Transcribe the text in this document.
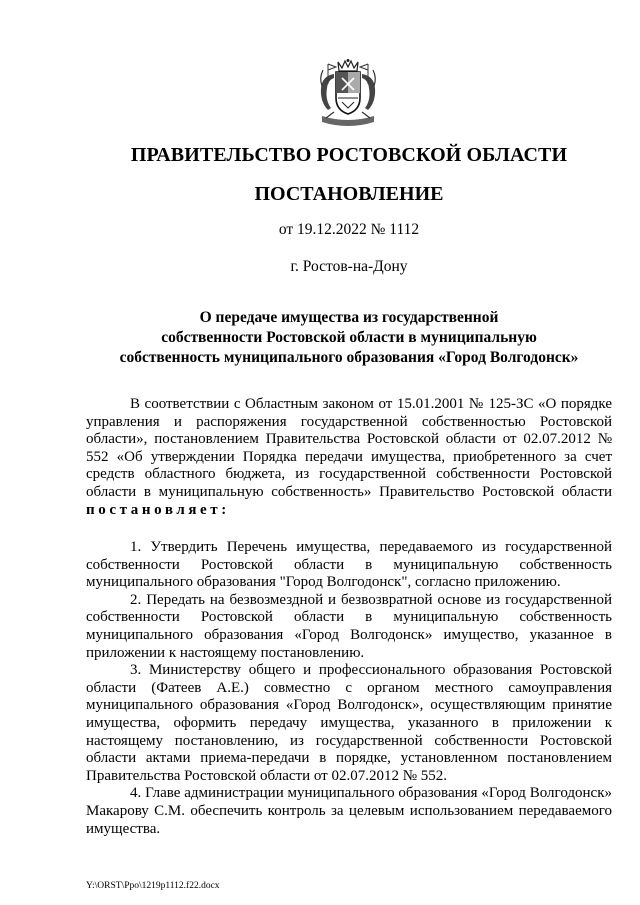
ПРАВИТЕЛЬСТВО РОСТОВСКОЙ ОБЛАСТИ
ПОСТАНОВЛЕНИЕ
от 19.12.2022 № 1112
г. Ростов-на-Дону
О передаче имущества из государственной
собственности Ростовской области в муниципальную
собственность муниципального образования «Город Волгодонск»

В соответствии с Областным законом от 15.01.2001 № 125-ЗС «О порядке управления и распоряжения государственной собственностью Ростовской области», постановлением Правительства Ростовской области от 02.07.2012 № 552 «Об утверждении Порядка передачи имущества, приобретенного за счет средств областного бюджета, из государственной собственности Ростовской области в муниципальную собственность» Правительство Ростовской области постановляет:

1. Утвердить Перечень имущества, передаваемого из государственной собственности Ростовской области в муниципальную собственность муниципального образования "Город Волгодонск", согласно приложению.

2. Передать на безвозмездной и безвозвратной основе из государственной собственности Ростовской области в муниципальную собственность муниципального образования «Город Волгодонск» имущество, указанное в приложении к настоящему постановлению.

3. Министерству общего и профессионального образования Ростовской области (Фатеев А.Е.) совместно с органом местного самоуправления муниципального образования «Город Волгодонск», осуществляющим принятие имущества, оформить передачу имущества, указанного в приложении к настоящему постановлению, из государственной собственности Ростовской области актами приема-передачи в порядке, установленном постановлением Правительства Ростовской области от 02.07.2012 № 552.

4. Главе администрации муниципального образования «Город Волгодонск» Макарову С.М. обеспечить контроль за целевым использованием передаваемого имущества.

Y:\ORST\Ppo\1219p1112.f22.docx
